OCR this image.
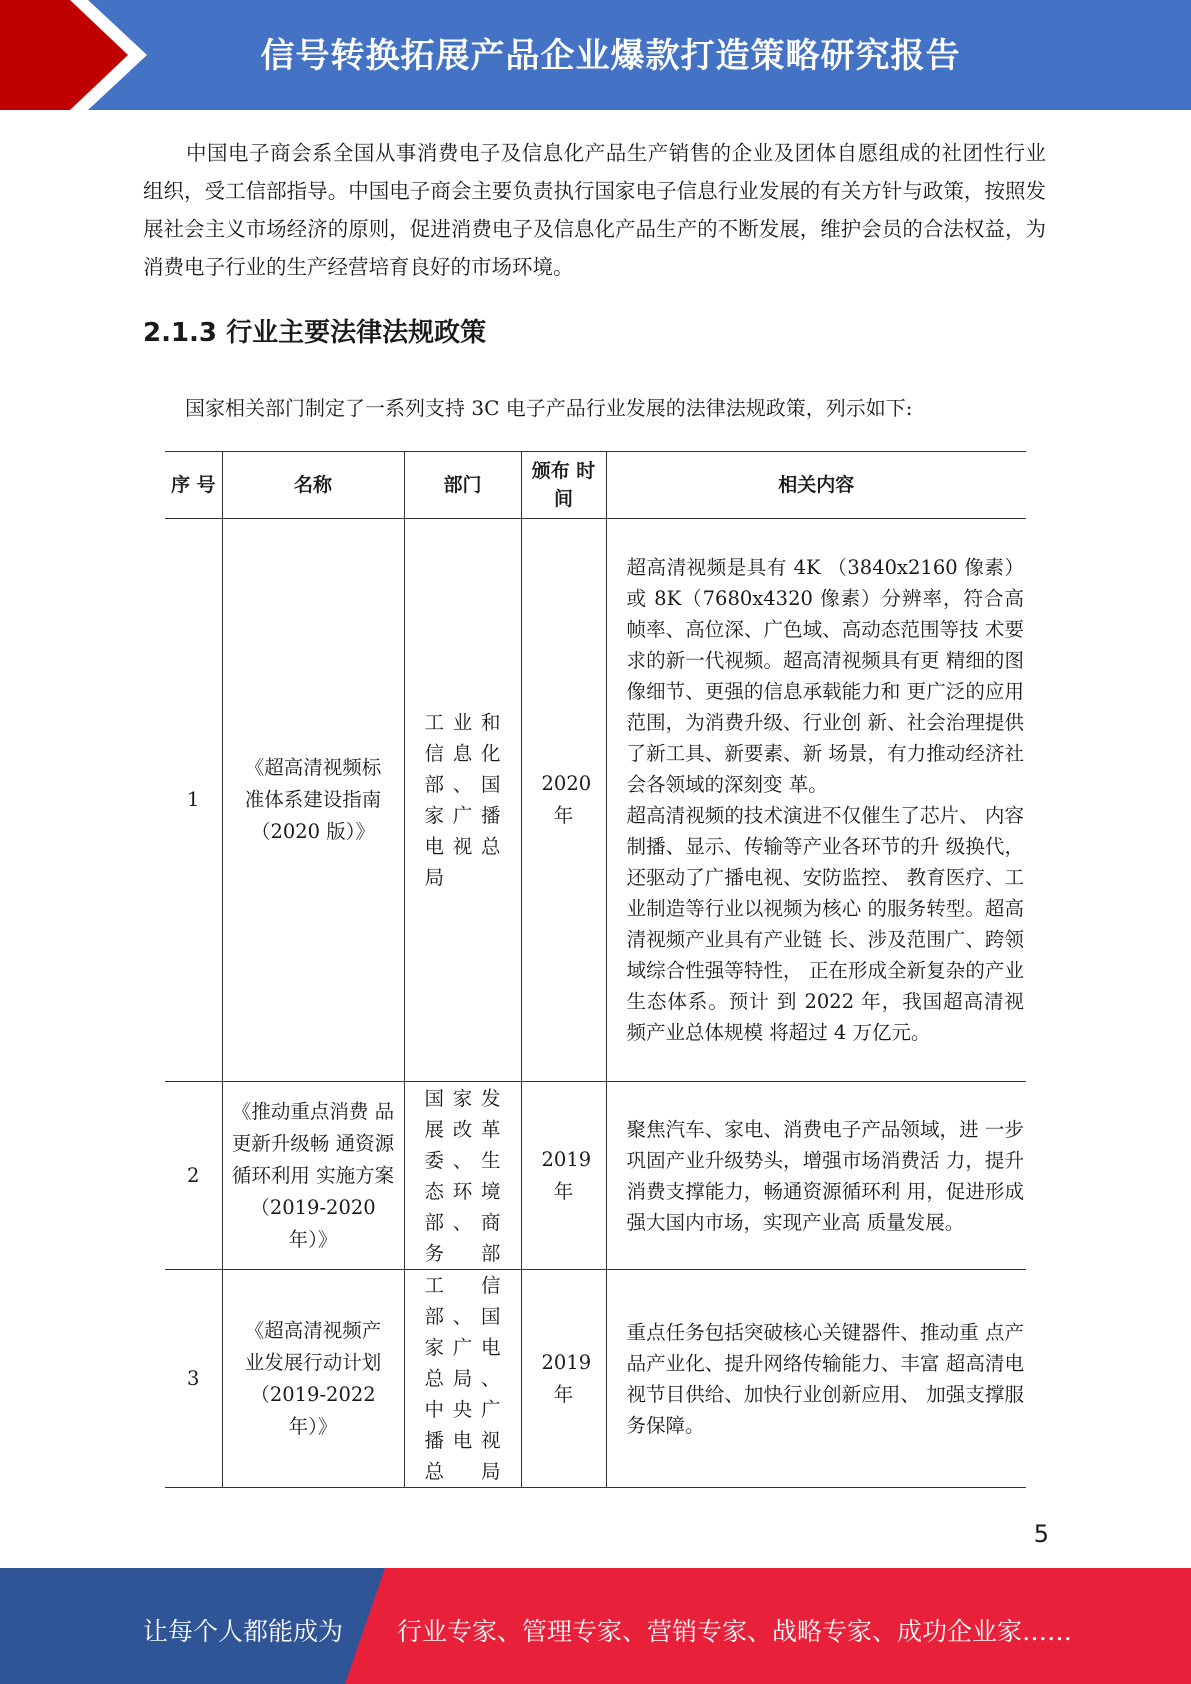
信号转换拓展产品企业爆款打造策略研究报告

中国电子商会系全国从事消费电子及信息化产品生产销售的企业及团体自愿组成的社团性行业组织，受工信部指导。中国电子商会主要负责执行国家电子信息行业发展的有关方针与政策，按照发展社会主义市场经济的原则，促进消费电子及信息化产品生产的不断发展，维护会员的合法权益，为消费电子行业的生产经营培育良好的市场环境。

2.1.3 行业主要法律法规政策
国家相关部门制定了一系列支持 3C 电子产品行业发展的法律法规政策，列示如下:
序 号	名称	部门	颁布 时间	相关内容
1	《超高清视频标准体系建设指南（2020 版）》	工业和信息化部、国家广播电视总局	2020 年	超高清视频是具有 4K （3840x2160 像素）或 8K（7680x4320 像素）分辨率，符合高 帧率、高位深、广色域、高动态范围等技 术要求的新一代视频。超高清视频具有更 精细的图像细节、更强的信息承载能力和 更广泛的应用范围，为消费升级、行业创 新、社会治理提供了新工具、新要素、新 场景，有力推动经济社会各领域的深刻变 革。
超高清视频的技术演进不仅催生了芯片、 内容制播、显示、传输等产业各环节的升 级换代，还驱动了广播电视、安防监控、 教育医疗、工业制造等行业以视频为核心 的服务转型。超高清视频产业具有产业链 长、涉及范围广、跨领域综合性强等特性， 正在形成全新复杂的产业生态体系。预计 到 2022 年，我国超高清视频产业总体规模 将超过 4 万亿元。

2	《推动重点消费 品更新升级畅 通资源循环利用 实施方案（2019-2020 年）》	国家发展改革委、生态环境部、商务部	2019 年	聚焦汽车、家电、消费电子产品领域，进 一步巩固产业升级势头，增强市场消费活 力，提升消费支撑能力，畅通资源循环利 用，促进形成强大国内市场，实现产业高 质量发展。

3	《超高清视频产业发展行动计划（2019-2022 年）》	工信部、国家广电总局、中央广播电视总局	2019 年	重点任务包括突破核心关键器件、推动重 点产品产业化、提升网络传输能力、丰富 超高清电视节目供给、加快行业创新应用、 加强支撑服务保障。
5
让每个人都能成为 行业专家、管理专家、营销专家、战略专家、成功企业家……
